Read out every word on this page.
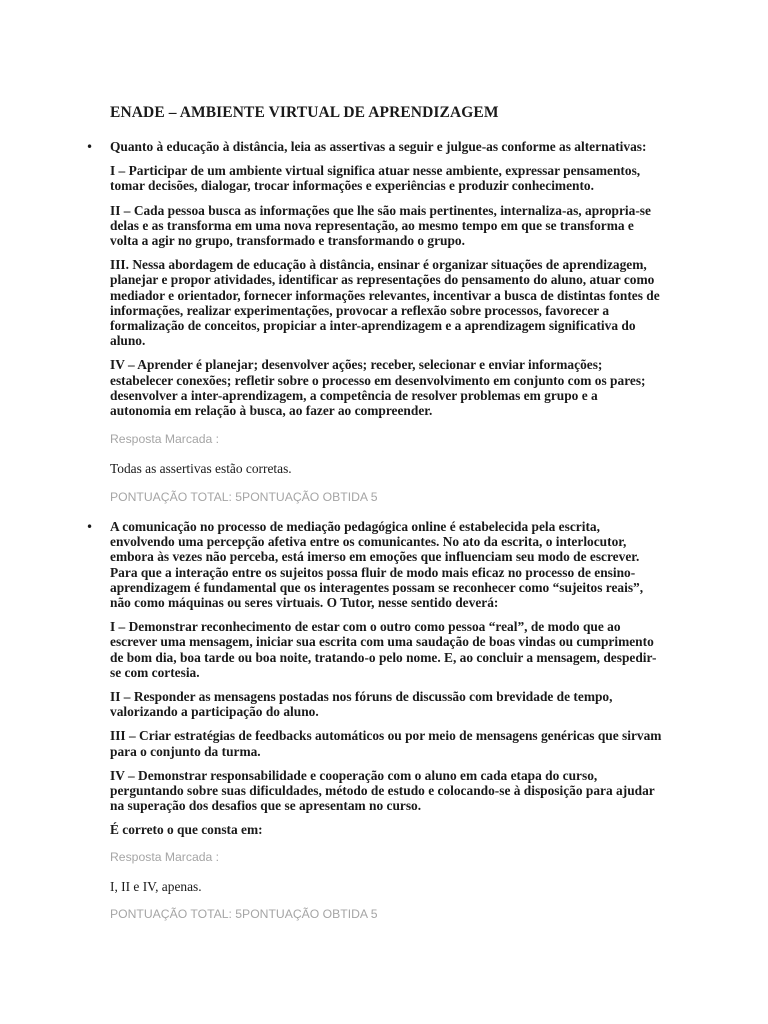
ENADE – AMBIENTE VIRTUAL DE APRENDIZAGEM
• Quanto à educação à distância, leia as assertivas a seguir e julgue-as conforme as alternativas:

I – Participar de um ambiente virtual significa atuar nesse ambiente, expressar pensamentos, tomar decisões, dialogar, trocar informações e experiências e produzir conhecimento.

II – Cada pessoa busca as informações que lhe são mais pertinentes, internaliza-as, apropria-se delas e as transforma em uma nova representação, ao mesmo tempo em que se transforma e volta a agir no grupo, transformado e transformando o grupo.

III. Nessa abordagem de educação à distância, ensinar é organizar situações de aprendizagem, planejar e propor atividades, identificar as representações do pensamento do aluno, atuar como mediador e orientador, fornecer informações relevantes, incentivar a busca de distintas fontes de informações, realizar experimentações, provocar a reflexão sobre processos, favorecer a formalização de conceitos, propiciar a inter-aprendizagem e a aprendizagem significativa do aluno.

IV – Aprender é planejar; desenvolver ações; receber, selecionar e enviar informações; estabelecer conexões; refletir sobre o processo em desenvolvimento em conjunto com os pares; desenvolver a inter-aprendizagem, a competência de resolver problemas em grupo e a autonomia em relação à busca, ao fazer ao compreender.

Resposta Marcada :

Todas as assertivas estão corretas.

PONTUAÇÃO TOTAL: 5PONTUAÇÃO OBTIDA 5

• A comunicação no processo de mediação pedagógica online é estabelecida pela escrita, envolvendo uma percepção afetiva entre os comunicantes. No ato da escrita, o interlocutor, embora às vezes não perceba, está imerso em emoções que influenciam seu modo de escrever. Para que a interação entre os sujeitos possa fluir de modo mais eficaz no processo de ensino-aprendizagem é fundamental que os interagentes possam se reconhecer como “sujeitos reais”, não como máquinas ou seres virtuais. O Tutor, nesse sentido deverá:

I – Demonstrar reconhecimento de estar com o outro como pessoa “real”, de modo que ao escrever uma mensagem, iniciar sua escrita com uma saudação de boas vindas ou cumprimento de bom dia, boa tarde ou boa noite, tratando-o pelo nome. E, ao concluir a mensagem, despedir-se com cortesia.

II – Responder as mensagens postadas nos fóruns de discussão com brevidade de tempo, valorizando a participação do aluno.

III – Criar estratégias de feedbacks automáticos ou por meio de mensagens genéricas que sirvam para o conjunto da turma.

IV – Demonstrar responsabilidade e cooperação com o aluno em cada etapa do curso, perguntando sobre suas dificuldades, método de estudo e colocando-se à disposição para ajudar na superação dos desafios que se apresentam no curso.

É correto o que consta em:

Resposta Marcada :

I, II e IV, apenas.

PONTUAÇÃO TOTAL: 5PONTUAÇÃO OBTIDA 5
